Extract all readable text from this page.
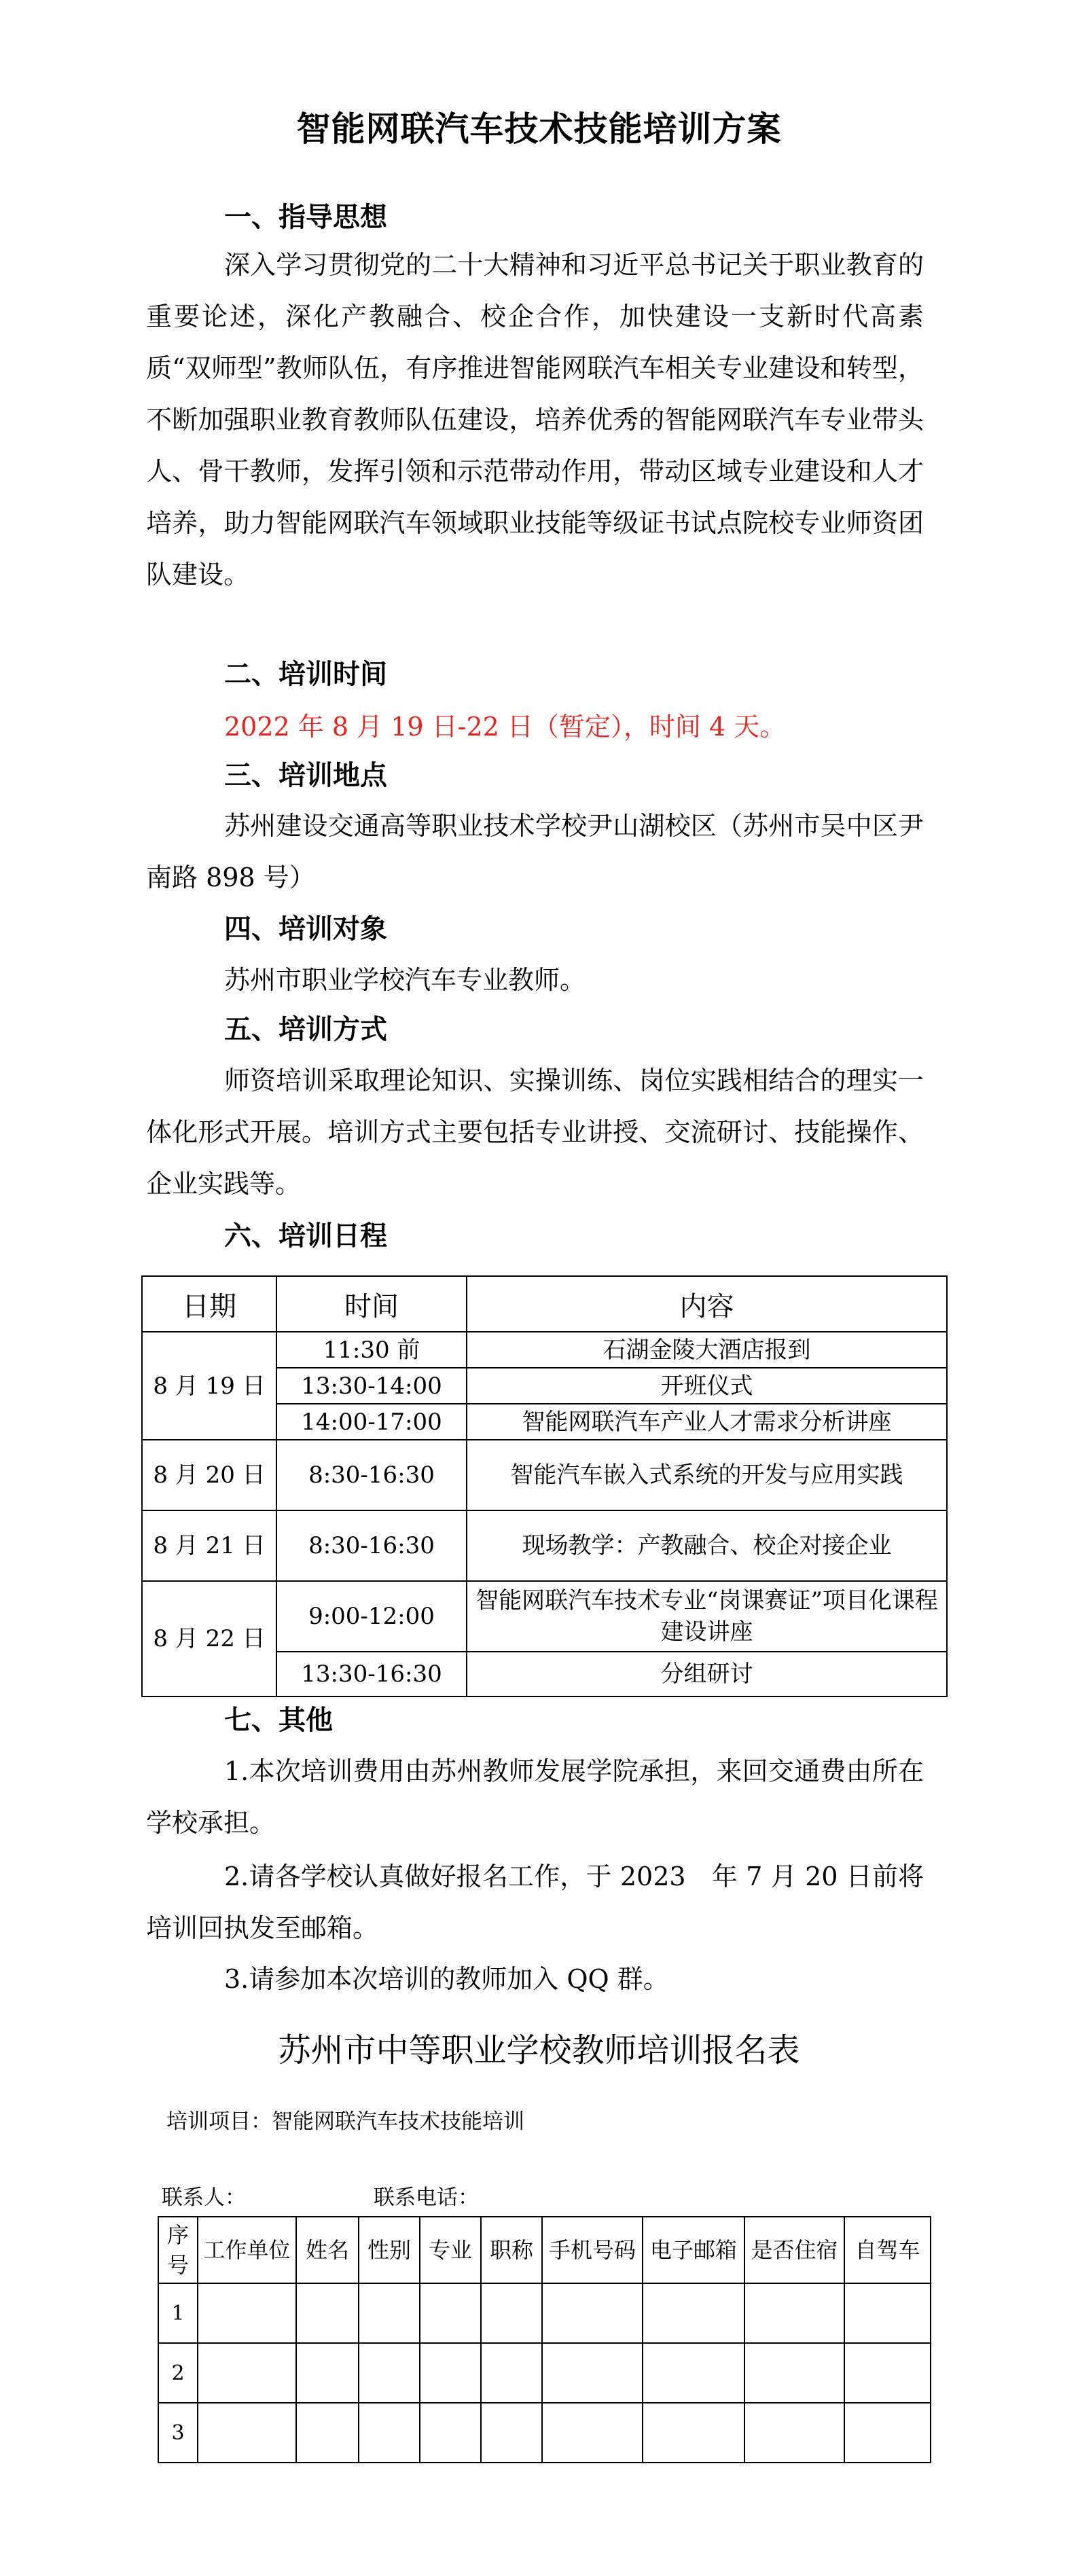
智能网联汽车技术技能培训方案
一、指导思想

深入学习贯彻党的二十大精神和习近平总书记关于职业教育的重要论述，深化产教融合、校企合作，加快建设一支新时代高素质“双师型”教师队伍，有序推进智能网联汽车相关专业建设和转型，不断加强职业教育教师队伍建设，培养优秀的智能网联汽车专业带头人、骨干教师，发挥引领和示范带动作用，带动区域专业建设和人才培养，助力智能网联汽车领域职业技能等级证书试点院校专业师资团队建设。

二、培训时间

2022 年 8 月 19 日-22 日（暂定），时间 4 天。

三、培训地点

苏州建设交通高等职业技术学校尹山湖校区（苏州市吴中区尹南路 898 号）

四、培训对象

苏州市职业学校汽车专业教师。

五、培训方式

师资培训采取理论知识、实操训练、岗位实践相结合的理实一体化形式开展。培训方式主要包括专业讲授、交流研讨、技能操作、企业实践等。

六、培训日程
日期	时间	内容
8 月 19 日	11:30 前	石湖金陵大酒店报到
	13:30-14:00	开班仪式
	14:00-17:00	智能网联汽车产业人才需求分析讲座
8 月 20 日	8:30-16:30	智能汽车嵌入式系统的开发与应用实践
8 月 21 日	8:30-16:30	现场教学：产教融合、校企对接企业
8 月 22 日	9:00-12:00	智能网联汽车技术专业“岗课赛证”项目化课程建设讲座
	13:30-16:30	分组研讨
七、其他

1.本次培训费用由苏州教师发展学院承担，来回交通费由所在学校承担。

2.请各学校认真做好报名工作，于 2023　年 7 月 20 日前将培训回执发至邮箱。

3.请参加本次培训的教师加入 QQ 群。

苏州市中等职业学校教师培训报名表
培训项目：智能网联汽车技术技能培训
联系人：	联系电话：
序号	工作单位	姓名	性别	专业	职称	手机号码	电子邮箱	是否住宿	自驾车
1									
2									
3									
